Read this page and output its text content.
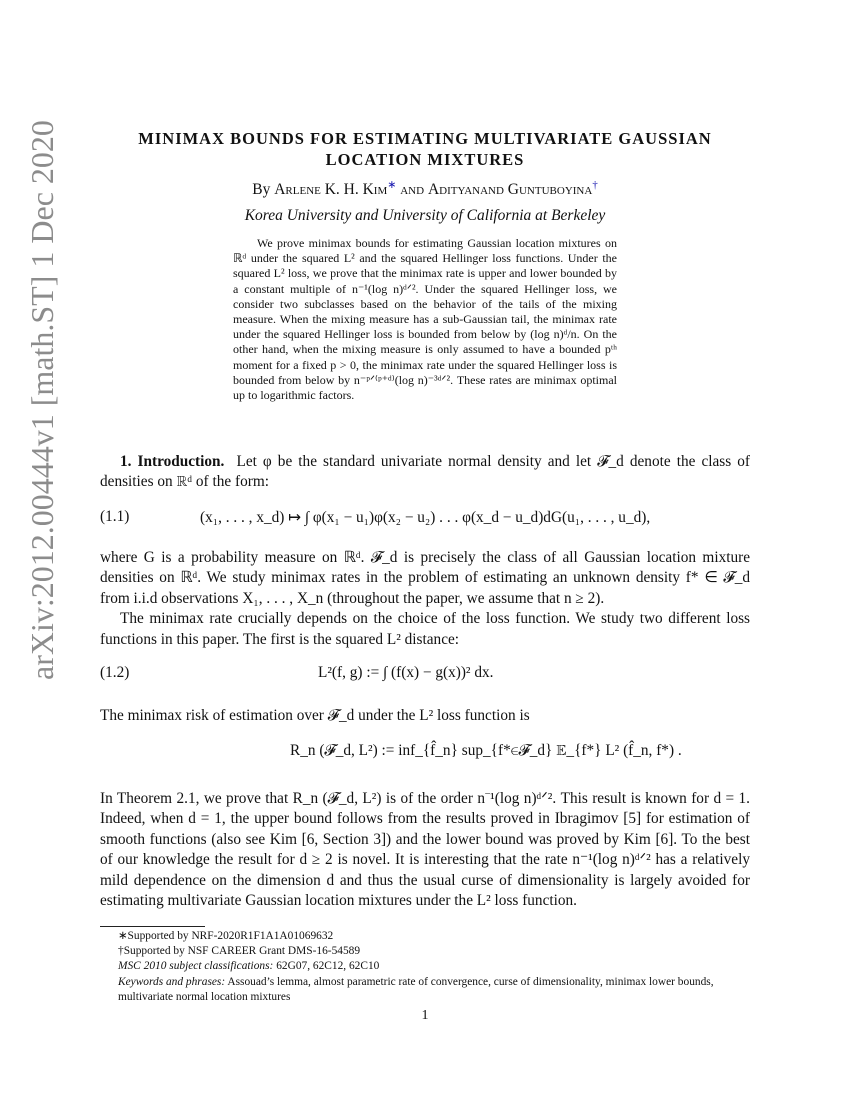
arXiv:2012.00444v1 [math.ST] 1 Dec 2020	MINIMAX BOUNDS FOR ESTIMATING MULTIVARIATE GAUSSIAN
LOCATION MIXTURES
By Arlene K. H. Kim∗ and Adityanand Guntuboyina†
Korea University and University of California at Berkeley

We prove minimax bounds for estimating Gaussian location mixtures on ℝᵈ under the squared L² and the squared Hellinger loss functions. Under the squared L² loss, we prove that the minimax rate is upper and lower bounded by a constant multiple of n⁻¹(log n)ᵈᐟ². Under the squared Hellinger loss, we consider two subclasses based on the behavior of the tails of the mixing measure. When the mixing measure has a sub-Gaussian tail, the minimax rate under the squared Hellinger loss is bounded from below by (log n)ᵈ/n. On the other hand, when the mixing measure is only assumed to have a bounded pᵗʰ moment for a fixed p > 0, the minimax rate under the squared Hellinger loss is bounded from below by n⁻ᵖᐟ⁽ᵖ⁺ᵈ⁾(log n)⁻³ᵈᐟ². These rates are minimax optimal up to logarithmic factors.

1. Introduction. Let φ be the standard univariate normal density and let 𝓕_d denote the class of densities on ℝᵈ of the form:

(1.1)	(x₁, . . . , x_d) ↦ ∫ φ(x₁ − u₁)φ(x₂ − u₂) . . . φ(x_d − u_d)dG(u₁, . . . , u_d),

where G is a probability measure on ℝᵈ. 𝓕_d is precisely the class of all Gaussian location mixture densities on ℝᵈ. We study minimax rates in the problem of estimating an unknown density f* ∈ 𝓕_d from i.i.d observations X₁, . . . , X_n (throughout the paper, we assume that n ≥ 2).

The minimax rate crucially depends on the choice of the loss function. We study two different loss functions in this paper. The first is the squared L² distance:

(1.2)	L²(f, g) := ∫ (f(x) − g(x))² dx.

The minimax risk of estimation over 𝓕_d under the L² loss function is

R_n (𝓕_d, L²) := inf_{f̂_n} sup_{f*∈𝓕_d} 𝔼_{f*} L² (f̂_n, f*) .

In Theorem 2.1, we prove that R_n (𝓕_d, L²) is of the order n⁻¹(log n)ᵈᐟ². This result is known for d = 1. Indeed, when d = 1, the upper bound follows from the results proved in Ibragimov [5] for estimation of smooth functions (also see Kim [6, Section 3]) and the lower bound was proved by Kim [6]. To the best of our knowledge the result for d ≥ 2 is novel. It is interesting that the rate n⁻¹(log n)ᵈᐟ² has a relatively mild dependence on the dimension d and thus the usual curse of dimensionality is largely avoided for estimating multivariate Gaussian location mixtures under the L² loss function.

∗Supported by NRF-2020R1F1A1A01069632

†Supported by NSF CAREER Grant DMS-16-54589

MSC 2010 subject classifications: 62G07, 62C12, 62C10

Keywords and phrases: Assouad’s lemma, almost parametric rate of convergence, curse of dimensionality, minimax lower bounds, multivariate normal location mixtures

1
